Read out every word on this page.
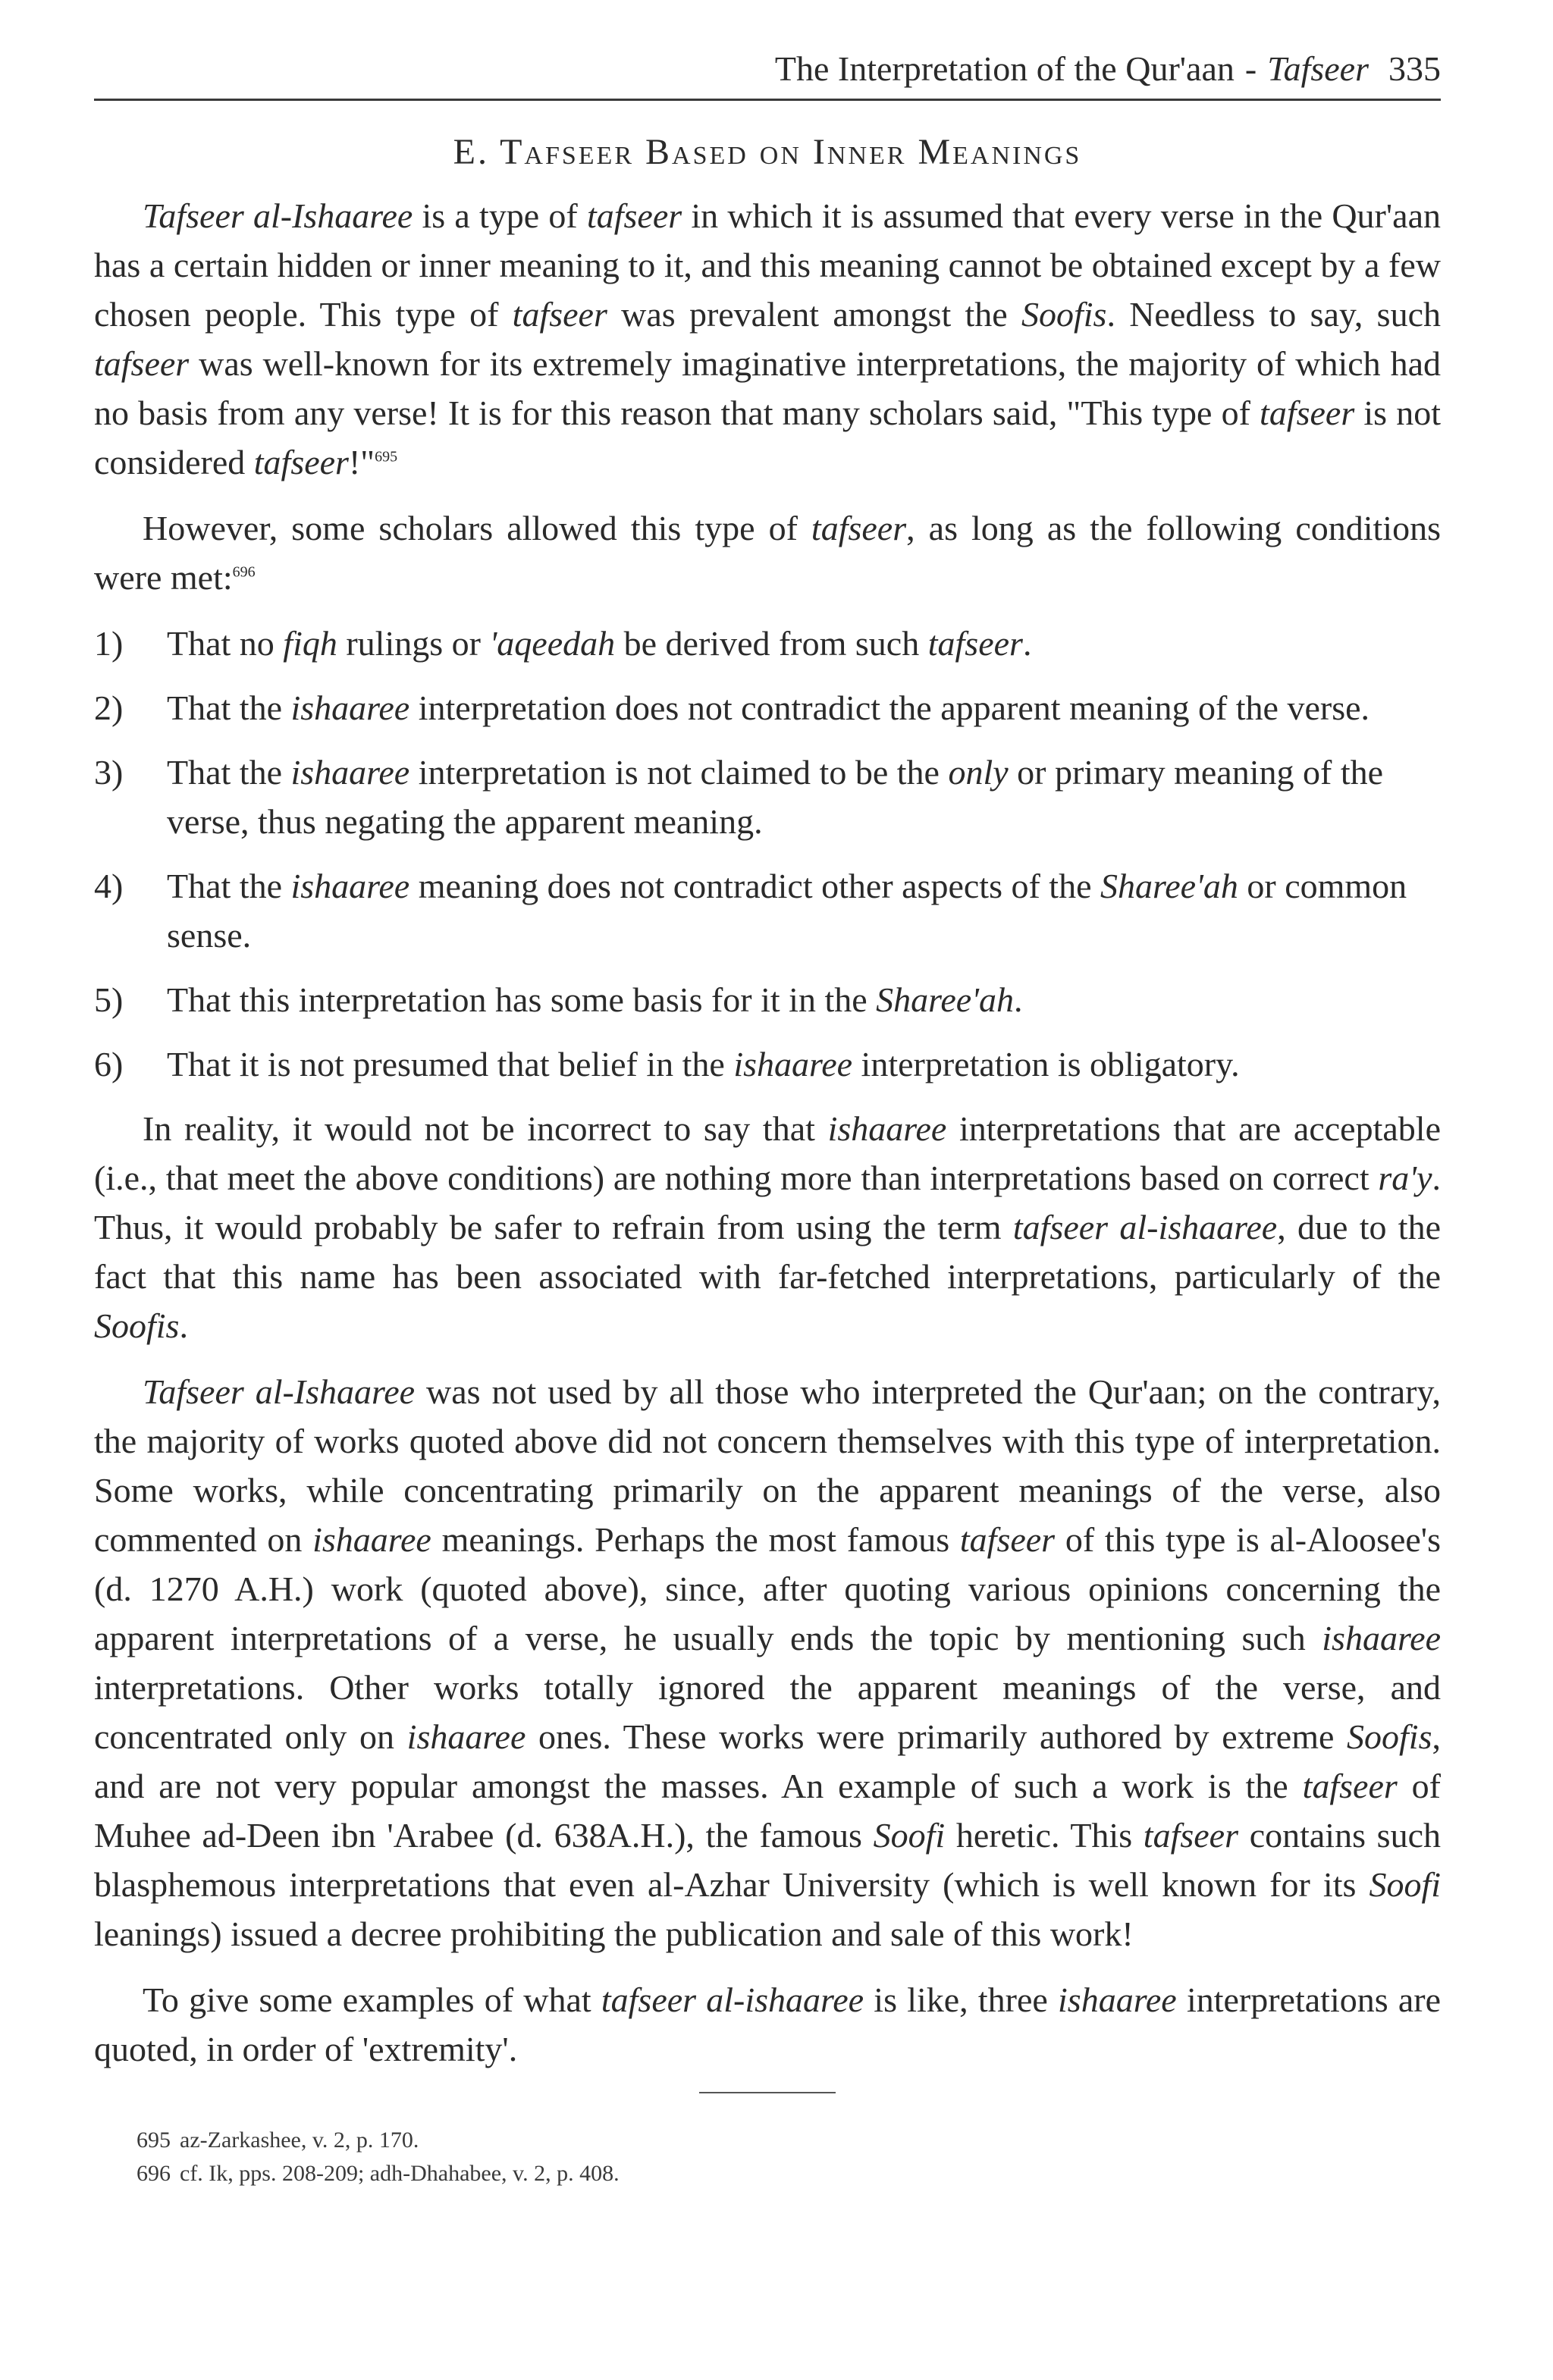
The Interpretation of the Qur'aan - Tafseer 335
E. Tafseer Based on Inner Meanings

Tafseer al-Ishaaree is a type of tafseer in which it is assumed that every verse in the Qur'aan has a certain hidden or inner meaning to it, and this meaning cannot be obtained except by a few chosen people. This type of tafseer was prevalent amongst the Soofis. Needless to say, such tafseer was well-known for its extremely imaginative interpretations, the majority of which had no basis from any verse! It is for this reason that many scholars said, "This type of tafseer is not considered tafseer!"$^{695}$

However, some scholars allowed this type of tafseer, as long as the following conditions were met:$^{696}$

1)	That no fiqh rulings or 'aqeedah be derived from such tafseer.
2)	That the ishaaree interpretation does not contradict the apparent meaning of the verse.
3)	That the ishaaree interpretation is not claimed to be the only or primary meaning of the verse, thus negating the apparent meaning.
4)	That the ishaaree meaning does not contradict other aspects of the Sharee'ah or common sense.
5)	That this interpretation has some basis for it in the Sharee'ah.
6)	That it is not presumed that belief in the ishaaree interpretation is obligatory.

In reality, it would not be incorrect to say that ishaaree interpretations that are acceptable (i.e., that meet the above conditions) are nothing more than interpretations based on correct ra'y. Thus, it would probably be safer to refrain from using the term tafseer al-ishaaree, due to the fact that this name has been associated with far-fetched interpretations, particularly of the Soofis.

Tafseer al-Ishaaree was not used by all those who interpreted the Qur'aan; on the contrary, the majority of works quoted above did not concern themselves with this type of interpretation. Some works, while concentrating primarily on the apparent meanings of the verse, also commented on ishaaree meanings. Perhaps the most famous tafseer of this type is al-Aloosee's (d. 1270 A.H.) work (quoted above), since, after quoting various opinions concerning the apparent interpretations of a verse, he usually ends the topic by mentioning such ishaaree interpretations. Other works totally ignored the apparent meanings of the verse, and concentrated only on ishaaree ones. These works were primarily authored by extreme Soofis, and are not very popular amongst the masses. An example of such a work is the tafseer of Muhee ad-Deen ibn 'Arabee (d. 638A.H.), the famous Soofi heretic. This tafseer contains such blasphemous interpretations that even al-Azhar University (which is well known for its Soofi leanings) issued a decree prohibiting the publication and sale of this work!

To give some examples of what tafseer al-ishaaree is like, three ishaaree interpretations are quoted, in order of 'extremity'.

695 az-Zarkashee, v. 2, p. 170.

696 cf. Ik, pps. 208-209; adh-Dhahabee, v. 2, p. 408.
